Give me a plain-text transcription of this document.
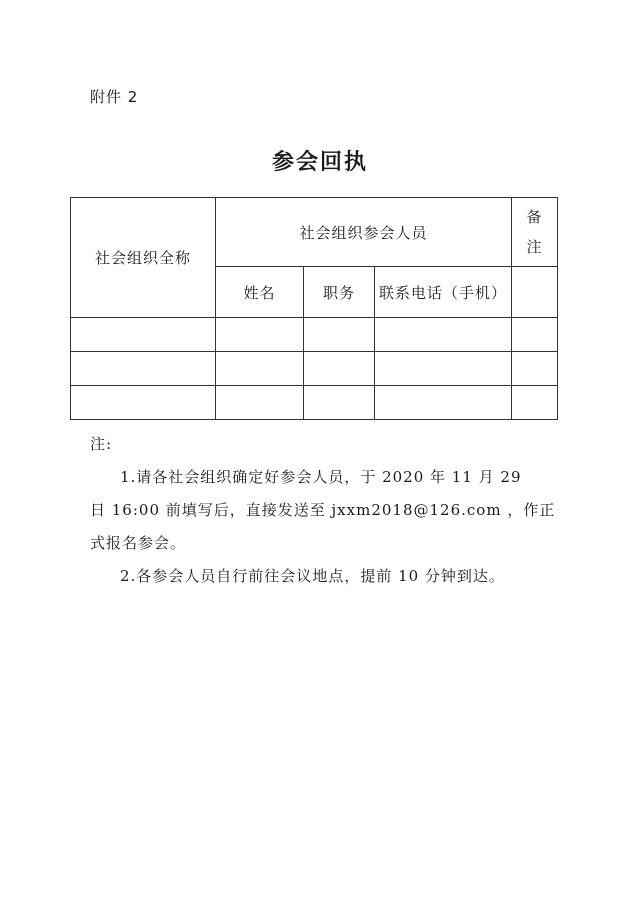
附件 2
参会回执
社会组织全称	社会组织参会人员			备
注
	姓名	职务	联系电话（手机）	

注:

1.请各社会组织确定好参会人员，于 2020 年 11 月 29

日 16:00 前填写后，直接发送至 jxxm2018@126.com ，作正

式报名参会。

2.各参会人员自行前往会议地点，提前 10 分钟到达。
